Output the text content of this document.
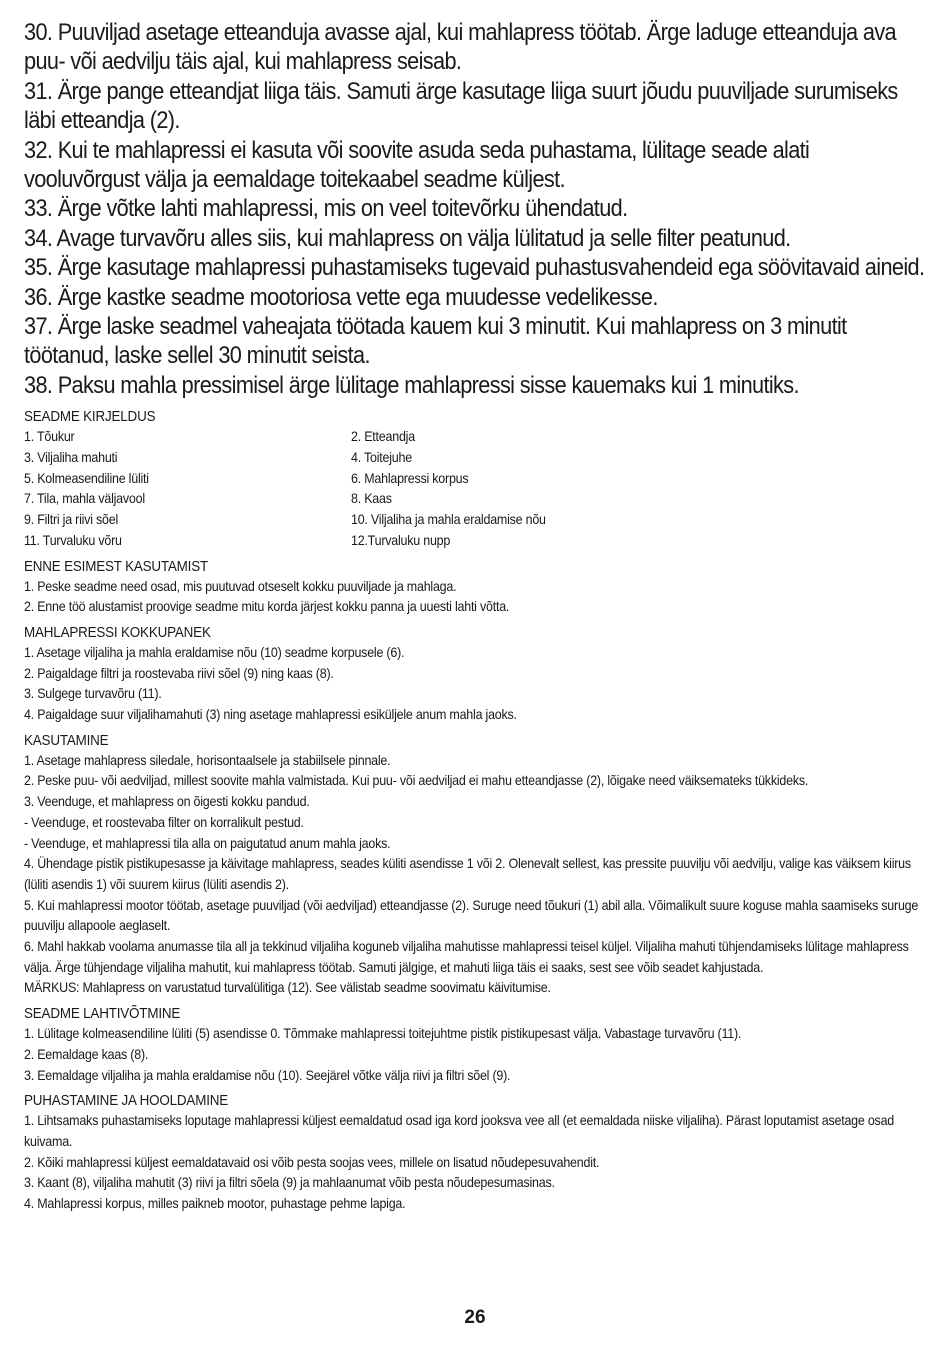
30. Puuviljad asetage etteanduja avasse ajal, kui mahlapress töötab. Ärge laduge etteanduja ava puu- või aedvilju täis ajal, kui mahlapress seisab.
31. Ärge pange etteandjat liiga täis. Samuti ärge kasutage liiga suurt jõudu puuviljade surumiseks läbi etteandja (2).
32. Kui te mahlapressi ei kasuta või soovite asuda seda puhastama, lülitage seade alati vooluvõrgust välja ja eemaldage toitekaabel seadme küljest.
33. Ärge võtke lahti mahlapressi, mis on veel toitevõrku ühendatud.
34. Avage turvavõru alles siis, kui mahlapress on välja lülitatud ja selle filter peatunud.
35. Ärge kasutage mahlapressi puhastamiseks tugevaid puhastusvahendeid ega söövitavaid aineid.
36. Ärge kastke seadme mootoriosa vette ega muudesse vedelikesse.
37. Ärge laske seadmel vaheajata töötada kauem kui 3 minutit. Kui mahlapress on 3 minutit töötanud, laske sellel 30 minutit seista.
38. Paksu mahla pressimisel ärge lülitage mahlapressi sisse kauemaks kui 1 minutiks.
SEADME KIRJELDUS
1. Tõukur	2. Etteandja
3. Viljaliha mahuti	4. Toitejuhe
5. Kolmeasendiline lüliti	6. Mahlapressi korpus
7. Tila, mahla väljavool	8. Kaas
9. Filtri ja riivi sõel	10. Viljaliha ja mahla eraldamise nõu
11. Turvaluku võru	12.Turvaluku nupp
ENNE ESIMEST KASUTAMIST
1. Peske seadme need osad, mis puutuvad otseselt kokku puuviljade ja mahlaga.
2. Enne töö alustamist proovige seadme mitu korda järjest kokku panna ja uuesti lahti võtta.
MAHLAPRESSI KOKKUPANEK
1. Asetage viljaliha ja mahla eraldamise nõu (10) seadme korpusele (6).
2. Paigaldage filtri ja roostevaba riivi sõel (9) ning kaas (8).
3. Sulgege turvavõru (11).
4. Paigaldage suur viljalihamahuti (3) ning asetage mahlapressi esiküljele anum mahla jaoks.
KASUTAMINE
1. Asetage mahlapress siledale, horisontaalsele ja stabiilsele pinnale.
2. Peske puu- või aedviljad, millest soovite mahla valmistada. Kui puu- või aedviljad ei mahu etteandjasse (2), lõigake need väiksemateks tükkideks.
3. Veenduge, et mahlapress on õigesti kokku pandud.
- Veenduge, et roostevaba filter on korralikult pestud.
- Veenduge, et mahlapressi tila alla on paigutatud anum mahla jaoks.
4. Ühendage pistik pistikupesasse ja käivitage mahlapress, seades küliti asendisse 1 või 2. Olenevalt sellest, kas pressite puuvilju või aedvilju, valige kas väiksem kiirus (lüliti asendis 1) või suurem kiirus (lüliti asendis 2).
5. Kui mahlapressi mootor töötab, asetage puuviljad (või aedviljad) etteandjasse (2). Suruge need tõukuri (1) abil alla. Võimalikult suure koguse mahla saamiseks suruge puuvilju allapoole aeglaselt.
6. Mahl hakkab voolama anumasse tila all ja tekkinud viljaliha koguneb viljaliha mahutisse mahlapressi teisel küljel. Viljaliha mahuti tühjendamiseks lülitage mahlapress välja. Ärge tühjendage viljaliha mahutit, kui mahlapress töötab. Samuti jälgige, et mahuti liiga täis ei saaks, sest see võib seadet kahjustada.
MÄRKUS: Mahlapress on varustatud turvalülitiga (12). See välistab seadme soovimatu käivitumise.
SEADME LAHTIVÕTMINE
1. Lülitage kolmeasendiline lüliti (5) asendisse 0. Tõmmake mahlapressi toitejuhtme pistik pistikupesast välja. Vabastage turvavõru (11).
2. Eemaldage kaas (8).
3. Eemaldage viljaliha ja mahla eraldamise nõu (10). Seejärel võtke välja riivi ja filtri sõel (9).
PUHASTAMINE JA HOOLDAMINE
1. Lihtsamaks puhastamiseks loputage mahlapressi küljest eemaldatud osad iga kord jooksva vee all (et eemaldada niiske viljaliha). Pärast loputamist asetage osad kuivama.
2. Kõiki mahlapressi küljest eemaldatavaid osi võib pesta soojas vees, millele on lisatud nõudepesuvahendit.
3. Kaant (8), viljaliha mahutit (3) riivi ja filtri sõela (9) ja mahlaanumat võib pesta nõudepesumasinas.
4. Mahlapressi korpus, milles paikneb mootor, puhastage pehme lapiga.
26
